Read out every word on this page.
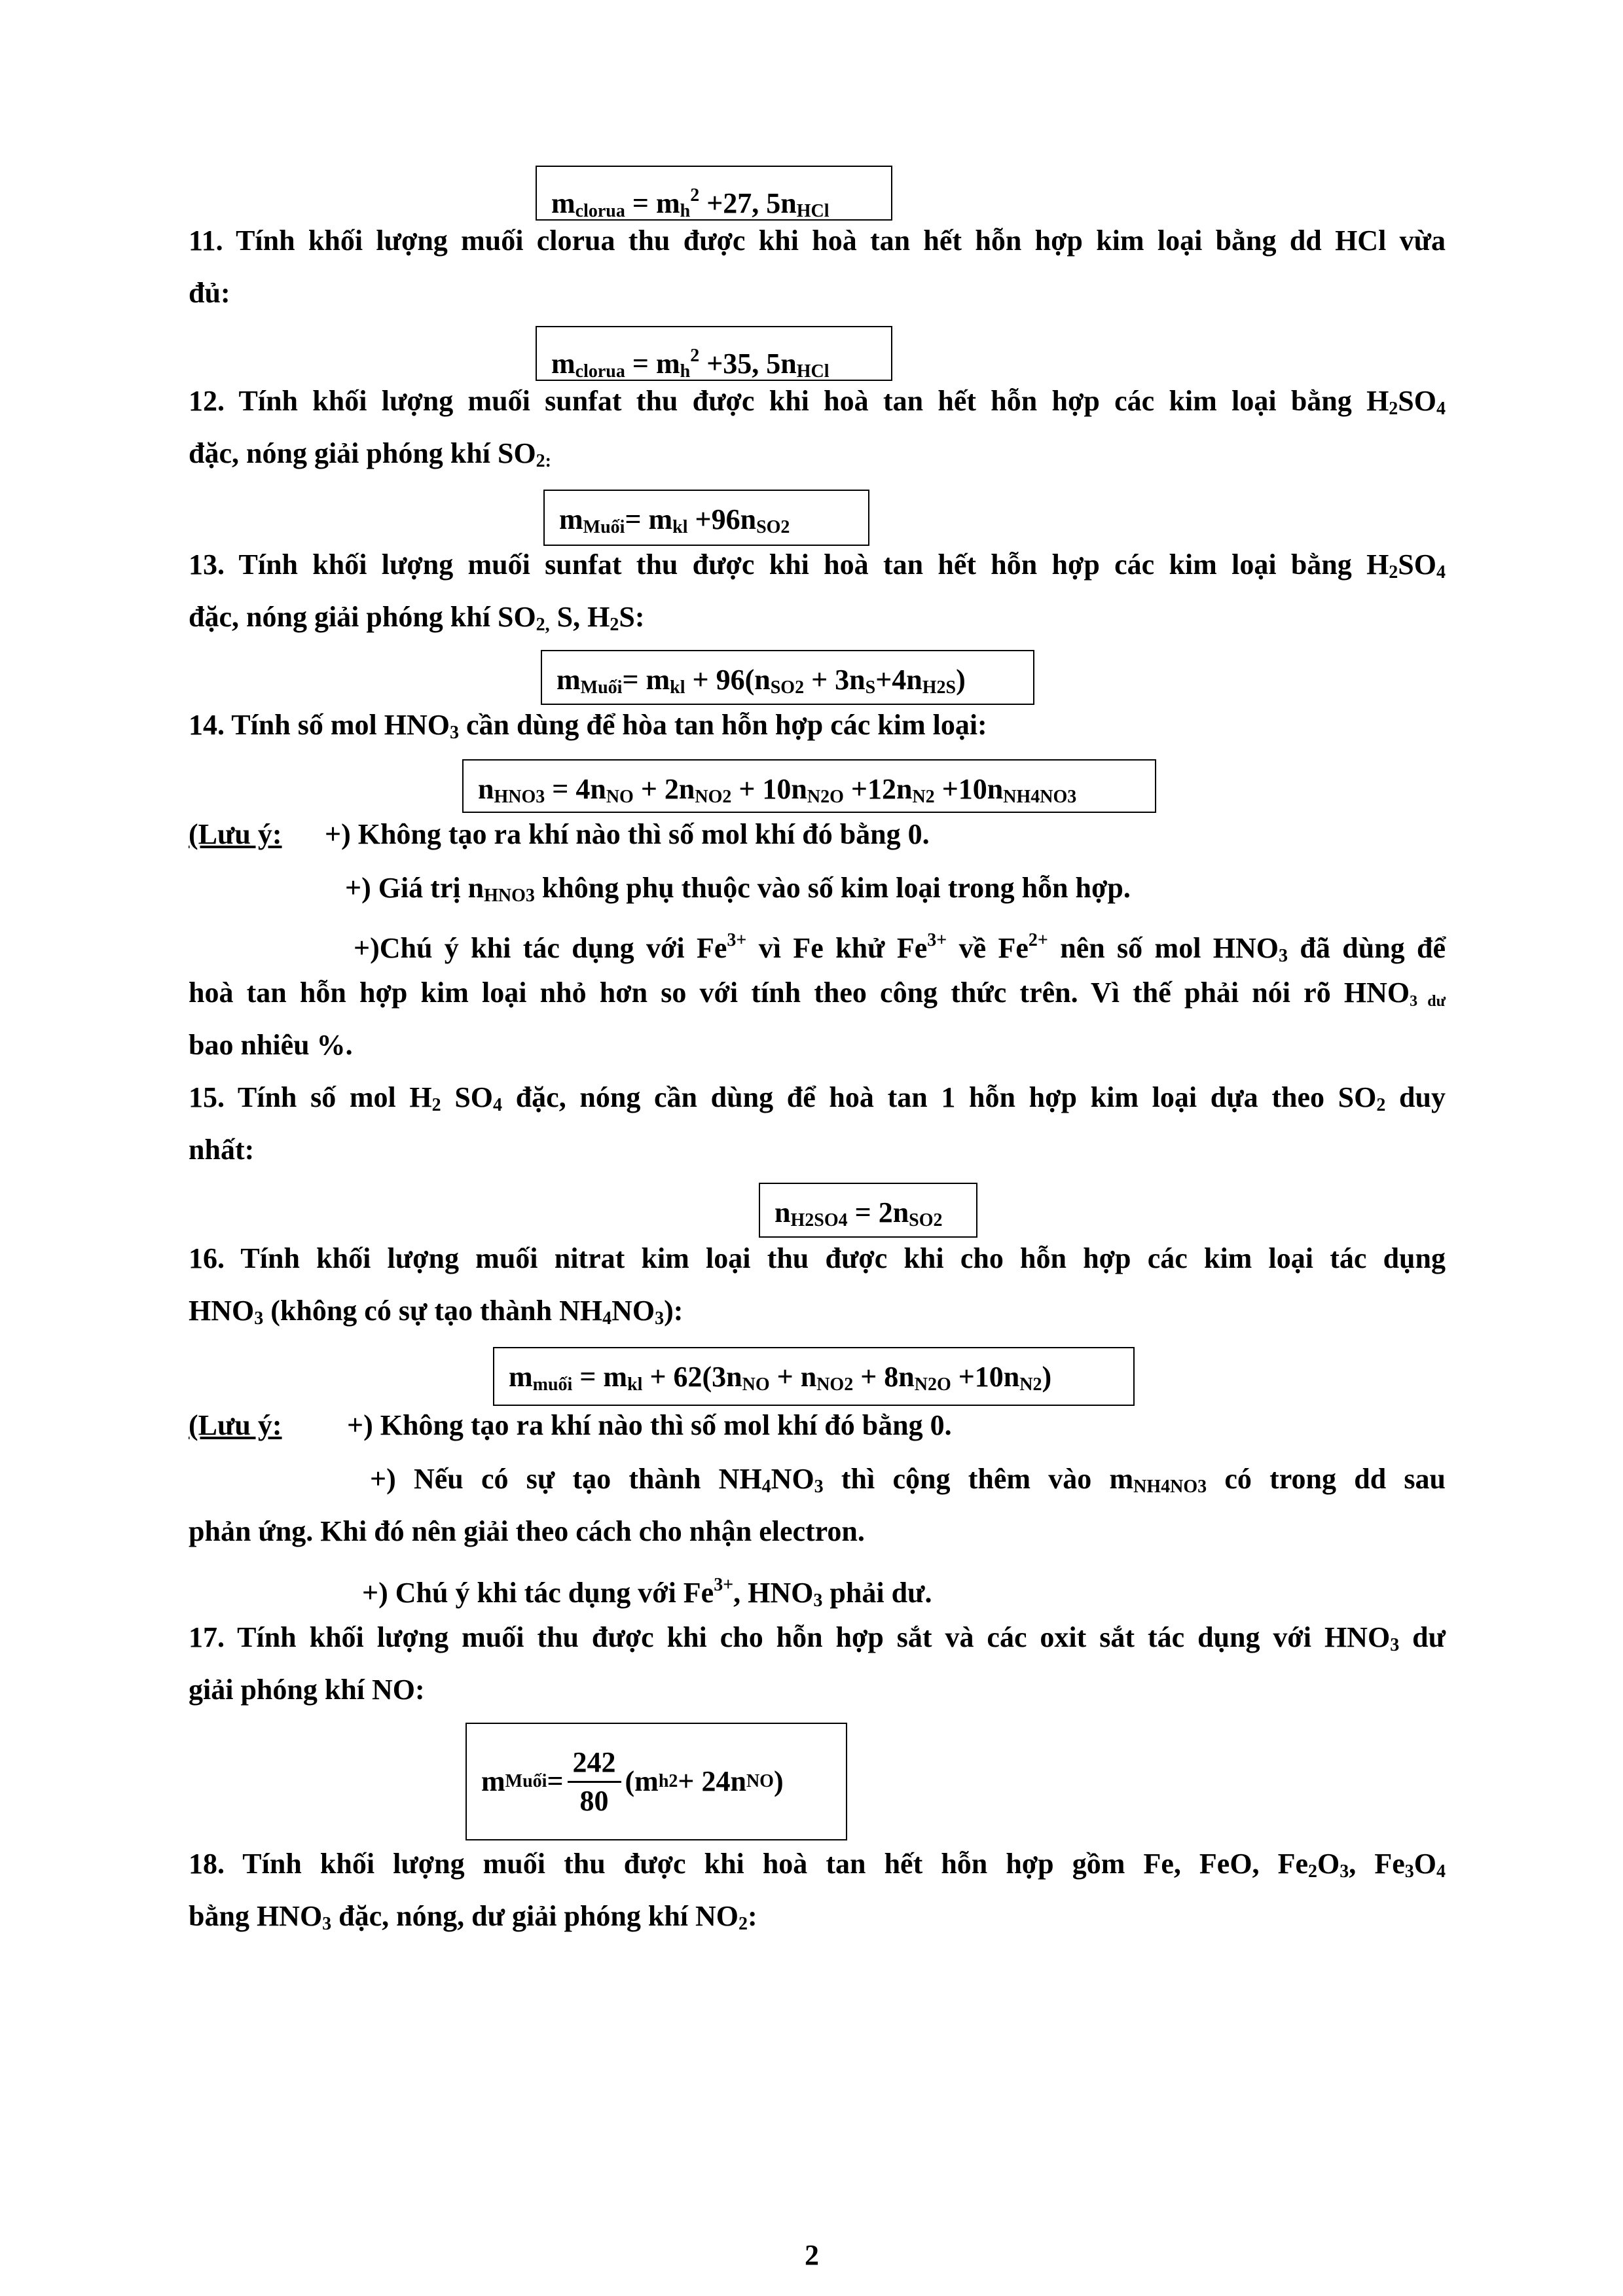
$m_{clorua} = m_h^2 +27$, $5n_{HCl}$
11. Tính khối lượng muối clorua thu được khi hoà tan hết hỗn hợp kim loại bằng dd HCl vừa
đủ:
$m_{clorua} = m_h^2 +35$, $5n_{HCl}$
12. Tính khối lượng muối sunfat thu được khi hoà tan hết hỗn hợp các kim loại bằng $H_2SO_4$
đặc, nóng giải phóng khí $SO_{2:}$
$m_{Muối}= m_{kl} +96n_{SO2}$
13. Tính khối lượng muối sunfat thu được khi hoà tan hết hỗn hợp các kim loại bằng $H_2SO_4$
đặc, nóng giải phóng khí $SO_{2,}$ S, $H_2S$:
$m_{Muối}= m_{kl} + 96(n_{SO2} + 3n_S+4n_{H2S})$
14. Tính số mol $HNO_3$ cần dùng để hòa tan hỗn hợp các kim loại:
$n_{HNO3} = 4n_{NO} + 2n_{NO2} + 10n_{N2O} +12n_{N2} +10n_{NH4NO3}$
(Lưu ý: +) Không tạo ra khí nào thì số mol khí đó bằng 0.
+) Giá trị $n_{HNO3}$ không phụ thuộc vào số kim loại trong hỗn hợp.
+)Chú ý khi tác dụng với $Fe^{3+}$ vì Fe khử $Fe^{3+}$ về $Fe^{2+}$ nên số mol $HNO_3$ đã dùng để
hoà tan hỗn hợp kim loại nhỏ hơn so với tính theo công thức trên. Vì thế phải nói rõ $HNO_{3 dư}$
bao nhiêu %.
15. Tính số mol $H_2$ $SO_4$ đặc, nóng cần dùng để hoà tan 1 hỗn hợp kim loại dựa theo $SO_2$ duy
nhất:
$n_{H2SO4} = 2n_{SO2}$
16. Tính khối lượng muối nitrat kim loại thu được khi cho hỗn hợp các kim loại tác dụng
$HNO_3$ (không có sự tạo thành $NH_4NO_3$):
$m_{muối} = m_{kl} + 62(3n_{NO} + n_{NO2} + 8n_{N2O} +10n_{N2})$
(Lưu ý: +) Không tạo ra khí nào thì số mol khí đó bằng 0.
+) Nếu có sự tạo thành $NH_4NO_3$ thì cộng thêm vào $m_{NH4NO3}$ có trong dd sau
phản ứng. Khi đó nên giải theo cách cho nhận electron.
+) Chú ý khi tác dụng với $Fe^{3+}$, $HNO_3$ phải dư.
17. Tính khối lượng muối thu được khi cho hỗn hợp sắt và các oxit sắt tác dụng với $HNO_3$ dư
giải phóng khí NO:
m Muối = $\frac{242}{80} (m$ h 2 + 24n NO )
18. Tính khối lượng muối thu được khi hoà tan hết hỗn hợp gồm Fe, FeO, $Fe_2O_3$, $Fe_3O_4$
bằng $HNO_3$ đặc, nóng, dư giải phóng khí $NO_2$:
2
